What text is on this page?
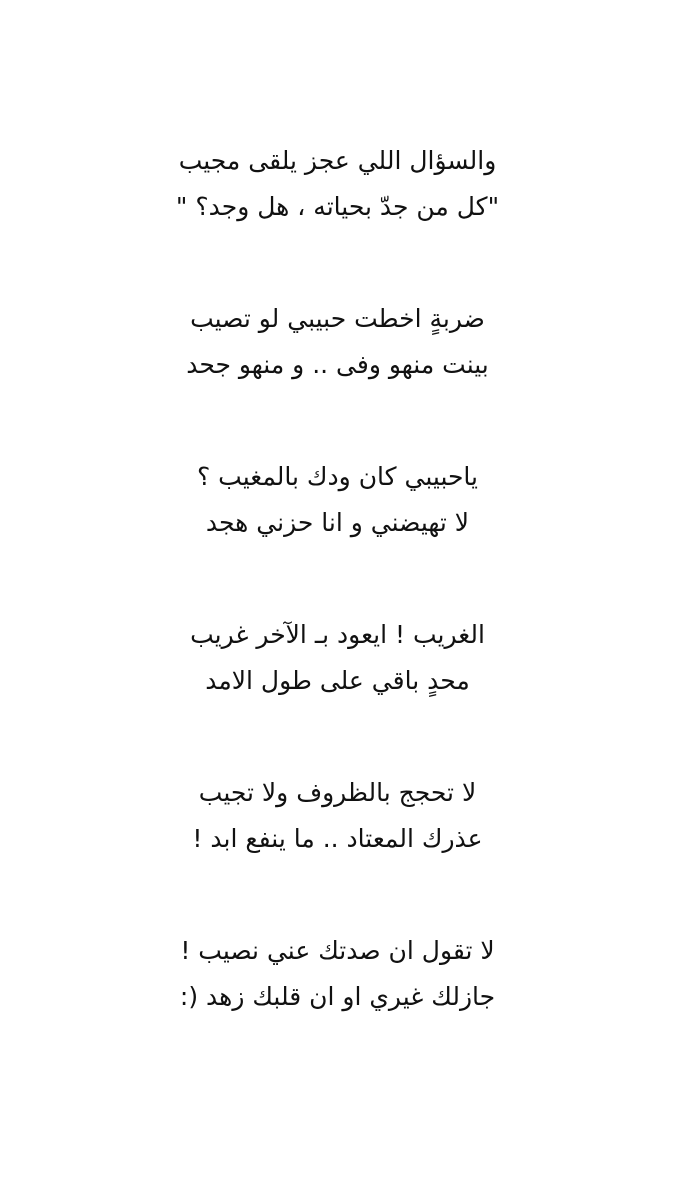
والسؤال اللي عجز يلقى مجيب
"كل من جدّ بحياته ، هل وجد؟ "
ضربةٍ اخطت حبيبي لو تصيب
بينت منهو وفى .. و منهو جحد
ياحبيبي كان ودك بالمغيب ؟
لا تهيضني و انا حزني هجد
الغريب ! ايعود بـ الآخر غريب
محدٍ باقي على طول الامد
لا تحجج بالظروف ولا تجيب
عذرك المعتاد .. ما ينفع ابد !
لا تقول ان صدتك عني نصيب !
جازلك غيري او ان قلبك زهد (:
